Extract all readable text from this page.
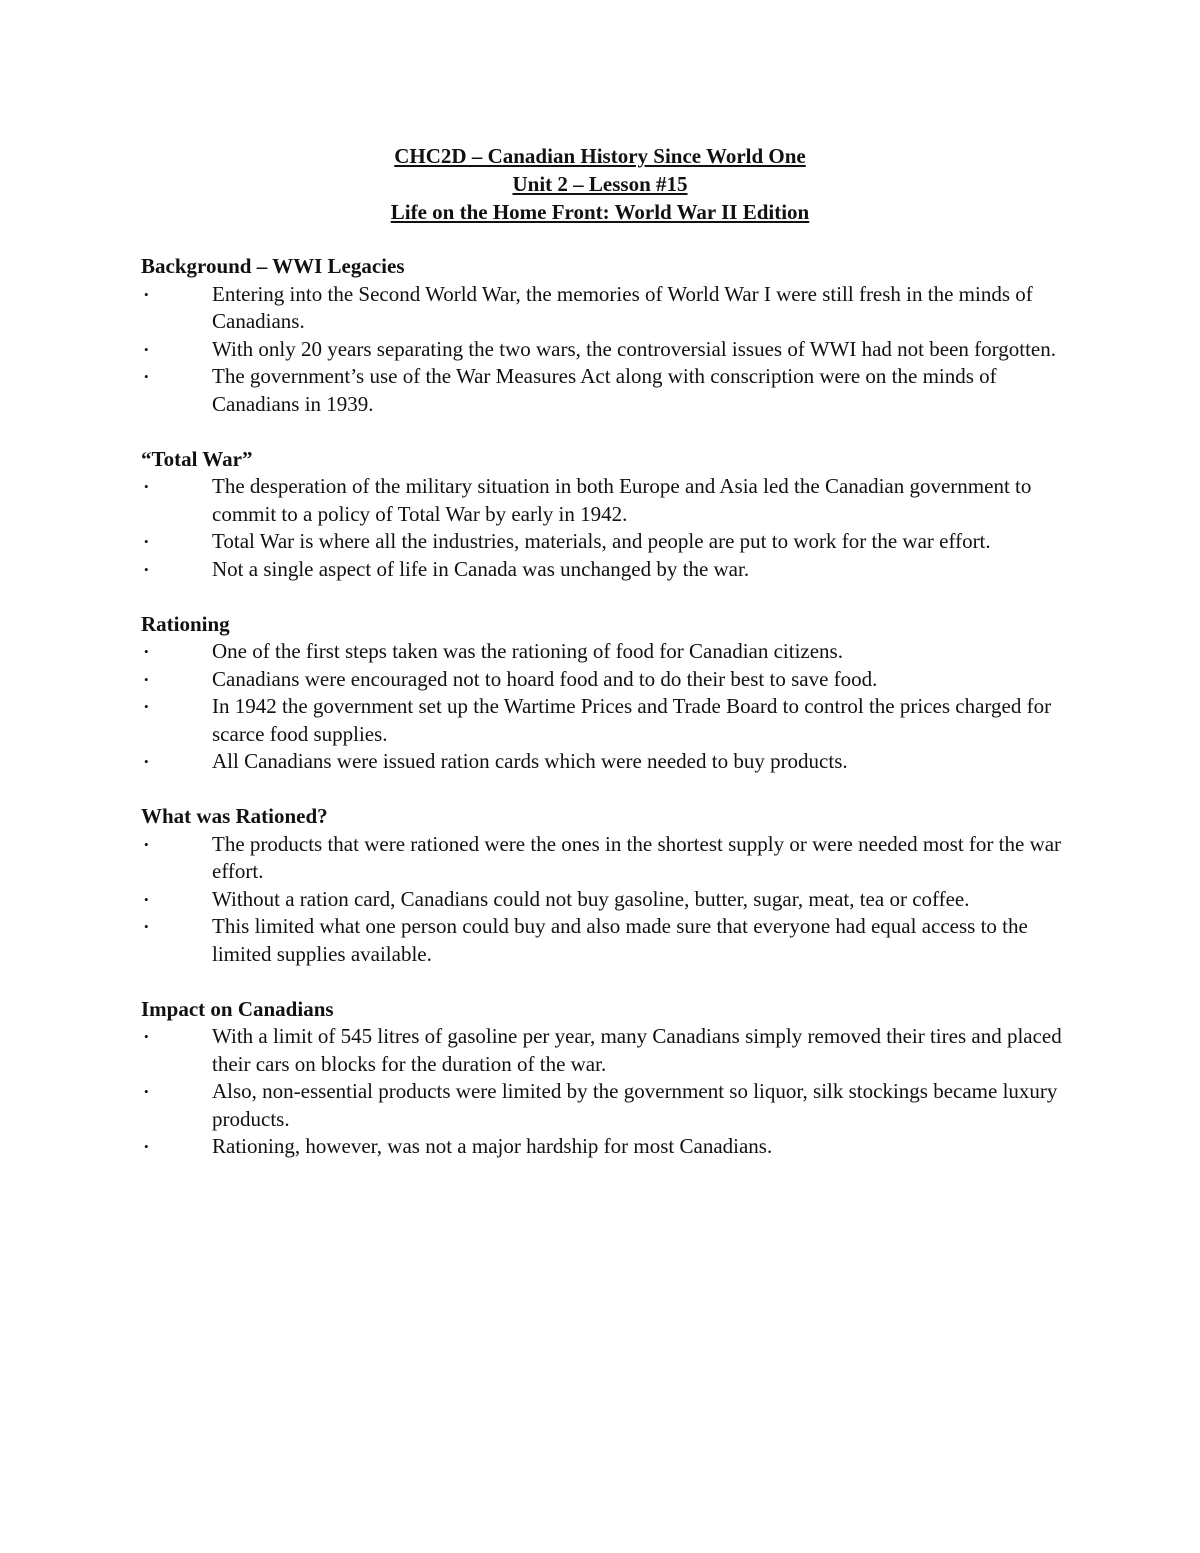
CHC2D – Canadian History Since World One
Unit 2 – Lesson #15
Life on the Home Front: World War II Edition
Background – WWI Legacies
•	Entering into the Second World War, the memories of World War I were still fresh in the minds of Canadians.
•	With only 20 years separating the two wars, the controversial issues of WWI had not been forgotten.
•	The government’s use of the War Measures Act along with conscription were on the minds of Canadians in 1939.
“Total War”
•	The desperation of the military situation in both Europe and Asia led the Canadian government to commit to a policy of Total War by early in 1942.
•	Total War is where all the industries, materials, and people are put to work for the war effort.
•	Not a single aspect of life in Canada was unchanged by the war.
Rationing
•	One of the first steps taken was the rationing of food for Canadian citizens.
•	Canadians were encouraged not to hoard food and to do their best to save food.
•	In 1942 the government set up the Wartime Prices and Trade Board to control the prices charged for scarce food supplies.
•	All Canadians were issued ration cards which were needed to buy products.
What was Rationed?
•	The products that were rationed were the ones in the shortest supply or were needed most for the war effort.
•	Without a ration card, Canadians could not buy gasoline, butter, sugar, meat, tea or coffee.
•	This limited what one person could buy and also made sure that everyone had equal access to the limited supplies available.
Impact on Canadians
•	With a limit of 545 litres of gasoline per year, many Canadians simply removed their tires and placed their cars on blocks for the duration of the war.
•	Also, non-essential products were limited by the government so liquor, silk stockings became luxury products.
•	Rationing, however, was not a major hardship for most Canadians.
